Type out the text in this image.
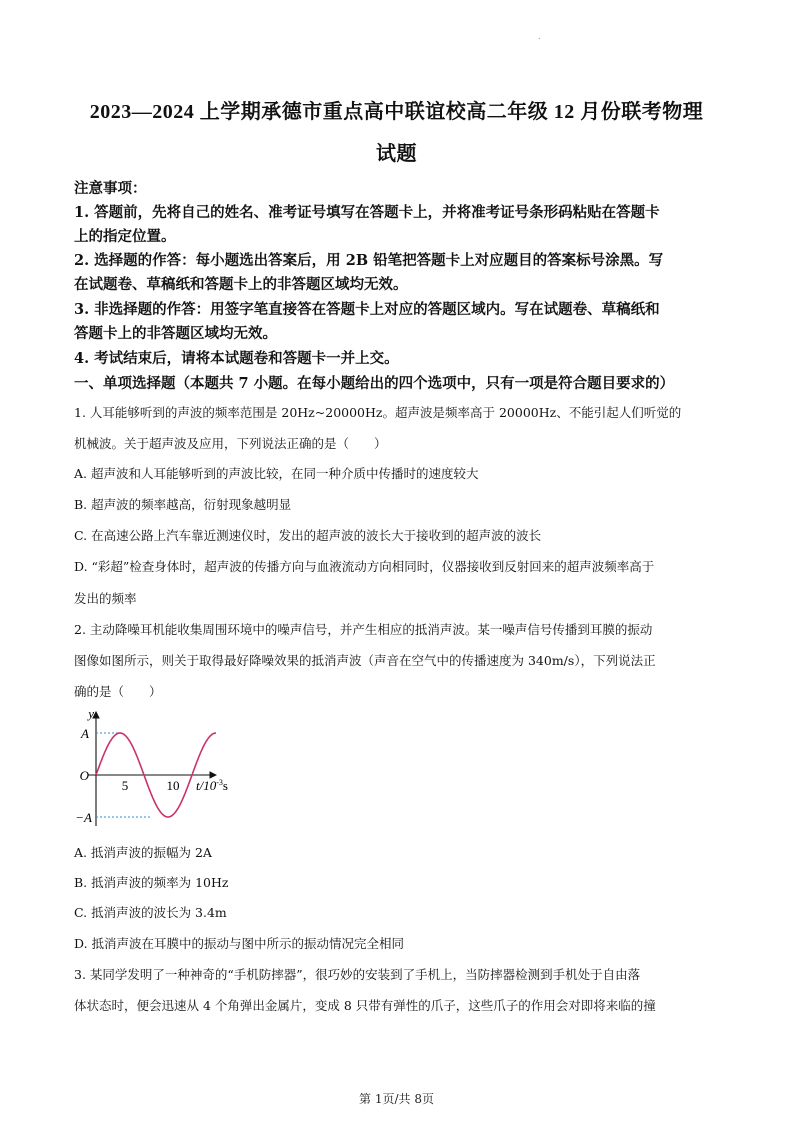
.
2023—2024 上学期承德市重点高中联谊校高二年级 12 月份联考物理
试题
注意事项：
1. 答题前，先将自己的姓名、准考证号填写在答题卡上，并将准考证号条形码粘贴在答题卡
上的指定位置。
2. 选择题的作答：每小题选出答案后，用 2B 铅笔把答题卡上对应题目的答案标号涂黑。写
在试题卷、草稿纸和答题卡上的非答题区域均无效。
3. 非选择题的作答：用签字笔直接答在答题卡上对应的答题区域内。写在试题卷、草稿纸和
答题卡上的非答题区域均无效。
4. 考试结束后，请将本试题卷和答题卡一并上交。
一、单项选择题（本题共 7 小题。在每小题给出的四个选项中，只有一项是符合题目要求的）
1. 人耳能够听到的声波的频率范围是 20Hz~20000Hz。超声波是频率高于 20000Hz、不能引起人们听觉的
机械波。关于超声波及应用，下列说法正确的是（　　）
A. 超声波和人耳能够听到的声波比较，在同一种介质中传播时的速度较大
B. 超声波的频率越高，衍射现象越明显
C. 在高速公路上汽车靠近测速仪时，发出的超声波的波长大于接收到的超声波的波长
D. “彩超”检查身体时，超声波的传播方向与血液流动方向相同时，仪器接收到反射回来的超声波频率高于
发出的频率
2. 主动降噪耳机能收集周围环境中的噪声信号，并产生相应的抵消声波。某一噪声信号传播到耳膜的振动
图像如图所示，则关于取得最好降噪效果的抵消声波（声音在空气中的传播速度为 340m/s），下列说法正
确的是（　　）
y
A
O
−A
5	10 $t/10^{-3}s$
A. 抵消声波的振幅为 2A
B. 抵消声波的频率为 10Hz
C. 抵消声波的波长为 3.4m
D. 抵消声波在耳膜中的振动与图中所示的振动情况完全相同
3. 某同学发明了一种神奇的“手机防摔器”，很巧妙的安装到了手机上，当防摔器检测到手机处于自由落
体状态时，便会迅速从 4 个角弹出金属片，变成 8 只带有弹性的爪子，这些爪子的作用会对即将来临的撞
第 1页/共 8页
